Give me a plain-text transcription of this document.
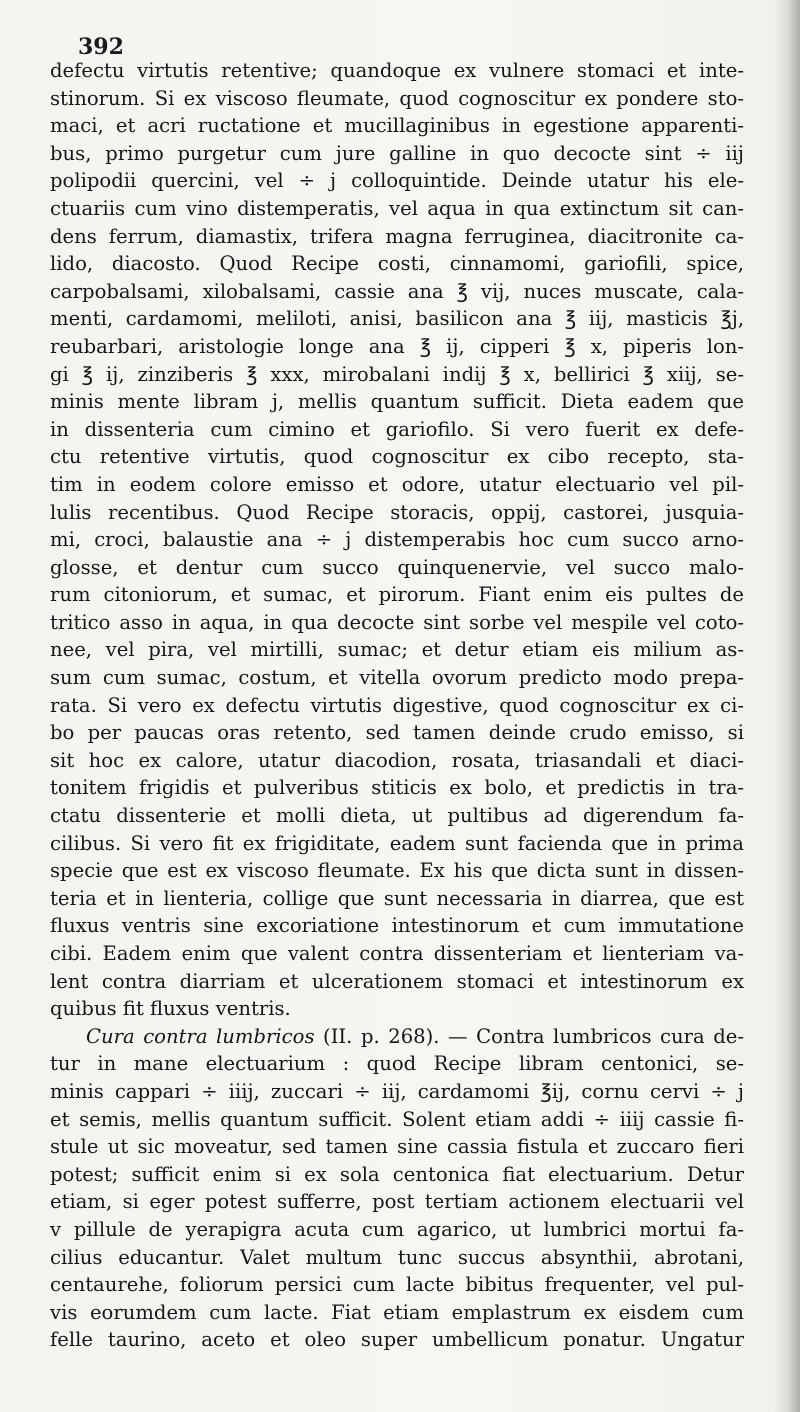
392
defectu virtutis retentive; quandoque ex vulnere stomaci et inte-
stinorum. Si ex viscoso fleumate, quod cognoscitur ex pondere sto-
maci, et acri ructatione et mucillaginibus in egestione apparenti-
bus, primo purgetur cum jure galline in quo decocte sint ÷ iij
polipodii quercini, vel ÷ j colloquintide. Deinde utatur his ele-
ctuariis cum vino distemperatis, vel aqua in qua extinctum sit can-
dens ferrum, diamastix, trifera magna ferruginea, diacitronite ca-
lido, diacosto. Quod Recipe costi, cinnamomi, gariofili, spice,
carpobalsami, xilobalsami, cassie ana ℥ vij, nuces muscate, cala-
menti, cardamomi, meliloti, anisi, basilicon ana ℥ iij, masticis ℥j,
reubarbari, aristologie longe ana ℥ ij, cipperi ℥ x, piperis lon-
gi ℥ ij, zinziberis ℥ xxx, mirobalani indij ℥ x, bellirici ℥ xiij, se-
minis mente libram j, mellis quantum sufficit. Dieta eadem que
in dissenteria cum cimino et gariofilo. Si vero fuerit ex defe-
ctu retentive virtutis, quod cognoscitur ex cibo recepto, sta-
tim in eodem colore emisso et odore, utatur electuario vel pil-
lulis recentibus. Quod Recipe storacis, oppij, castorei, jusquia-
mi, croci, balaustie ana ÷ j distemperabis hoc cum succo arno-
glosse, et dentur cum succo quinquenervie, vel succo malo-
rum citoniorum, et sumac, et pirorum. Fiant enim eis pultes de
tritico asso in aqua, in qua decocte sint sorbe vel mespile vel coto-
nee, vel pira, vel mirtilli, sumac; et detur etiam eis milium as-
sum cum sumac, costum, et vitella ovorum predicto modo prepa-
rata. Si vero ex defectu virtutis digestive, quod cognoscitur ex ci-
bo per paucas oras retento, sed tamen deinde crudo emisso, si
sit hoc ex calore, utatur diacodion, rosata, triasandali et diaci-
tonitem frigidis et pulveribus stiticis ex bolo, et predictis in tra-
ctatu dissenterie et molli dieta, ut pultibus ad digerendum fa-
cilibus. Si vero fit ex frigiditate, eadem sunt facienda que in prima
specie que est ex viscoso fleumate. Ex his que dicta sunt in dissen-
teria et in lienteria, collige que sunt necessaria in diarrea, que est
fluxus ventris sine excoriatione intestinorum et cum immutatione
cibi. Eadem enim que valent contra dissenteriam et lienteriam va-
lent contra diarriam et ulcerationem stomaci et intestinorum ex
quibus fit fluxus ventris.
Cura contra lumbricos (II. p. 268). — Contra lumbricos cura de-
tur in mane electuarium : quod Recipe libram centonici, se-
minis cappari ÷ iiij, zuccari ÷ iij, cardamomi ℥ij, cornu cervi ÷ j
et semis, mellis quantum sufficit. Solent etiam addi ÷ iiij cassie fi-
stule ut sic moveatur, sed tamen sine cassia fistula et zuccaro fieri
potest; sufficit enim si ex sola centonica fiat electuarium. Detur
etiam, si eger potest sufferre, post tertiam actionem electuarii vel
v pillule de yerapigra acuta cum agarico, ut lumbrici mortui fa-
cilius educantur. Valet multum tunc succus absynthii, abrotani,
centaurehe, foliorum persici cum lacte bibitus frequenter, vel pul-
vis eorumdem cum lacte. Fiat etiam emplastrum ex eisdem cum
felle taurino, aceto et oleo super umbellicum ponatur. Ungatur
